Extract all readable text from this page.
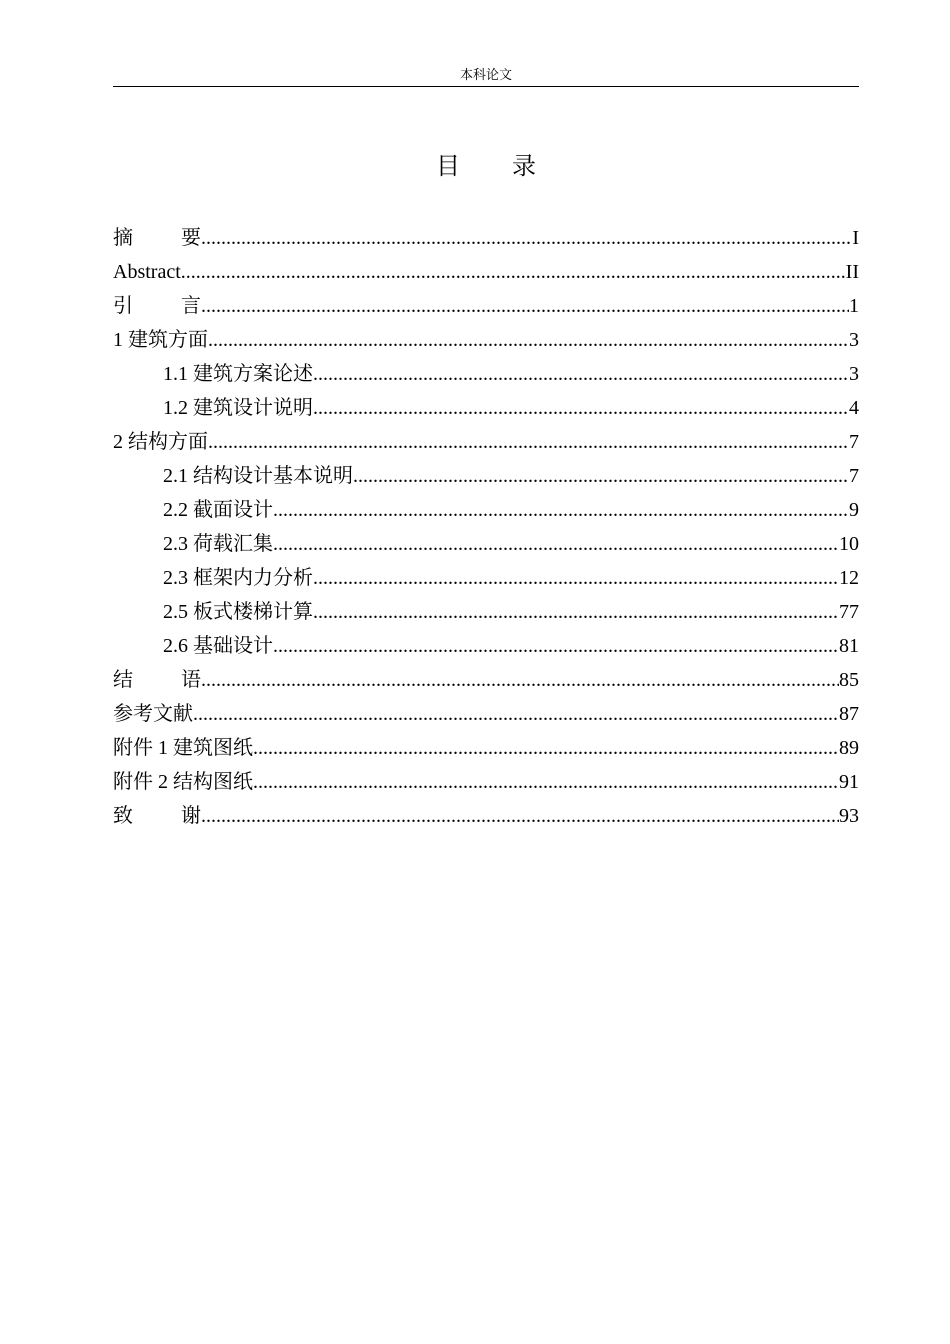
本科论文
目 录
摘 要 .....	I
Abstract .....	II
引 言 .....	1
1 建筑方面 .....	3
1.1 建筑方案论述 .....	3
1.2 建筑设计说明 .....	4
2 结构方面 .....	7
2.1 结构设计基本说明 .....	7
2.2 截面设计 .....	9
2.3 荷载汇集 .....	10
2.3 框架内力分析 .....	12
2.5 板式楼梯计算 .....	77
2.6 基础设计 .....	81
结 语 .....	85
参考文献 .....	87
附件 1 建筑图纸 .....	89
附件 2 结构图纸 .....	91
致 谢 .....	93
